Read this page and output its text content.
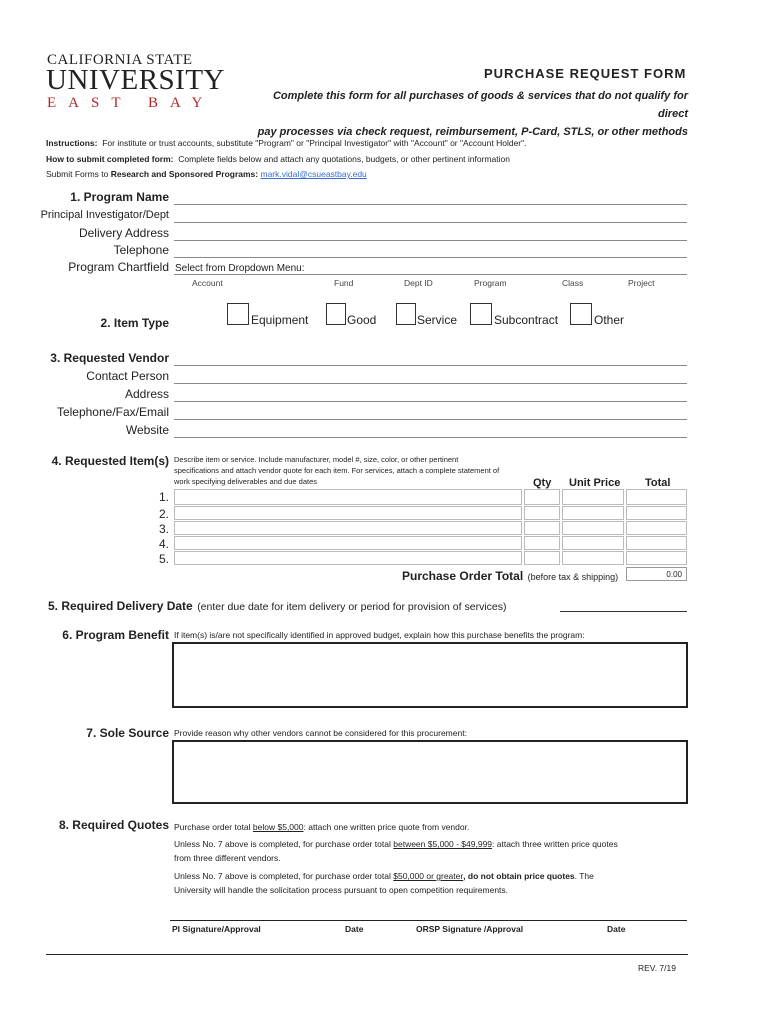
CALIFORNIA STATE
UNIVERSITY
EAST BAY
PURCHASE REQUEST FORM
Complete this form for all purchases of goods & services that do not qualify for direct
pay processes via check request, reimbursement, P-Card, STLS, or other methods
Instructions: For institute or trust accounts, substitute "Program" or "Principal Investigator" with "Account" or "Account Holder".
How to submit completed form: Complete fields below and attach any quotations, budgets, or other pertinent information
Submit Forms to Research and Sponsored Programs: mark.vidal@csueastbay.edu
1. Program Name
Principal Investigator/Dept
Delivery Address
Telephone
Program Chartfield Select from Dropdown Menu:
Account	Fund	Dept ID	Program	Class	Project
2. Item Type	Equipment	Good	Service	Subcontract	Other
3. Requested Vendor
Contact Person
Address
Telephone/Fax/Email
Website
4. Requested Item(s) Describe item or service. Include manufacturer, model #, size, color, or other pertinent specifications and attach vendor quote for each item. For services, attach a complete statement of work specifying deliverables and due dates	Qty Unit Price Total
1.
2.
3.
4.
5.
Purchase Order Total (before tax & shipping)	0.00
5. Required Delivery Date (enter due date for item delivery or period for provision of services)
6. Program Benefit If item(s) is/are not specifically identified in approved budget, explain how this purchase benefits the program:
7. Sole Source Provide reason why other vendors cannot be considered for this procurement:
8. Required Quotes Purchase order total below $5,000: attach one written price quote from vendor.
Unless No. 7 above is completed, for purchase order total between $5,000 - $49,999: attach three written price quotes
from three different vendors.
Unless No. 7 above is completed, for purchase order total $50,000 or greater, do not obtain price quotes. The
University will handle the solicitation process pursuant to open competition requirements.
PI Signature/Approval	Date	ORSP Signature /Approval	Date
REV. 7/19
